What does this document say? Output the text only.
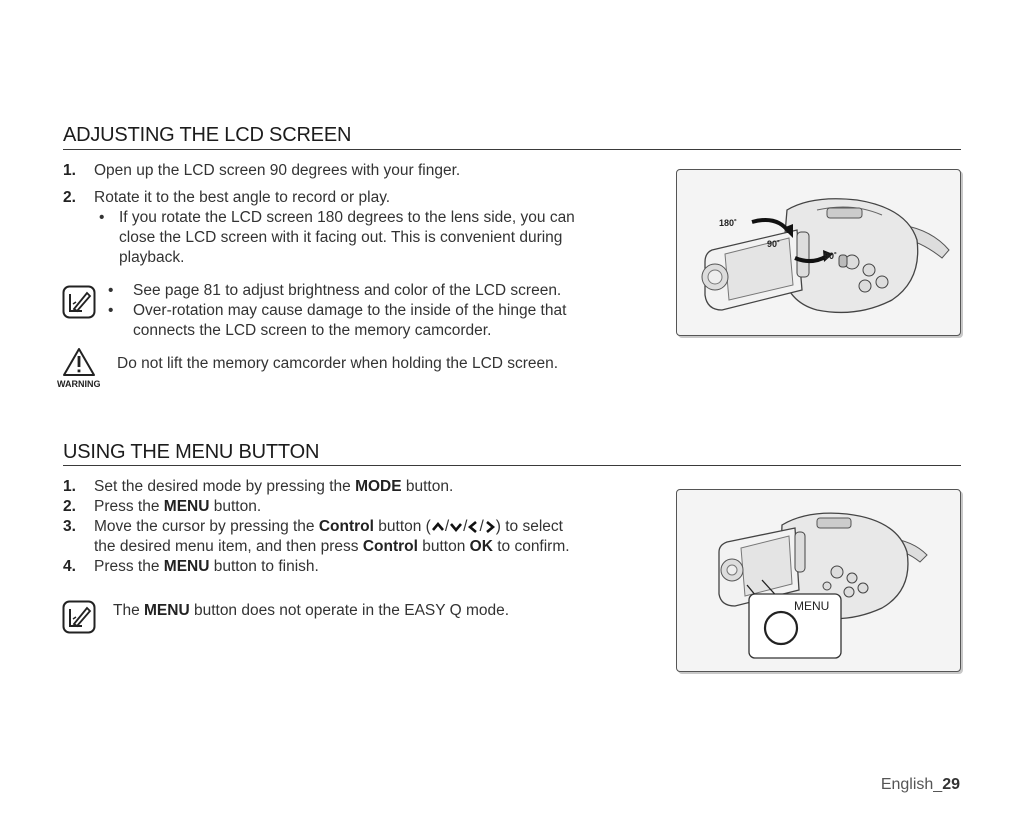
ADJUSTING THE LCD SCREEN
1. Open up the LCD screen 90 degrees with your finger.
2. Rotate it to the best angle to record or play.
• If you rotate the LCD screen 180 degrees to the lens side, you can
close the LCD screen with it facing out. This is convenient during
playback.
• See page 81 to adjust brightness and color of the LCD screen.
• Over-rotation may cause damage to the inside of the hinge that
connects the LCD screen to the memory camcorder.
WARNING
Do not lift the memory camcorder when holding the LCD screen.
180˚
90˚
90˚
USING THE MENU BUTTON
1. Set the desired mode by pressing the MODE button.
2. Press the MENU button.
3. Move the cursor by pressing the Control button ( / / / ) to select
the desired menu item, and then press Control button OK to confirm.
4. Press the MENU button to finish.
The MENU button does not operate in the EASY Q mode.	MENU
English_29
